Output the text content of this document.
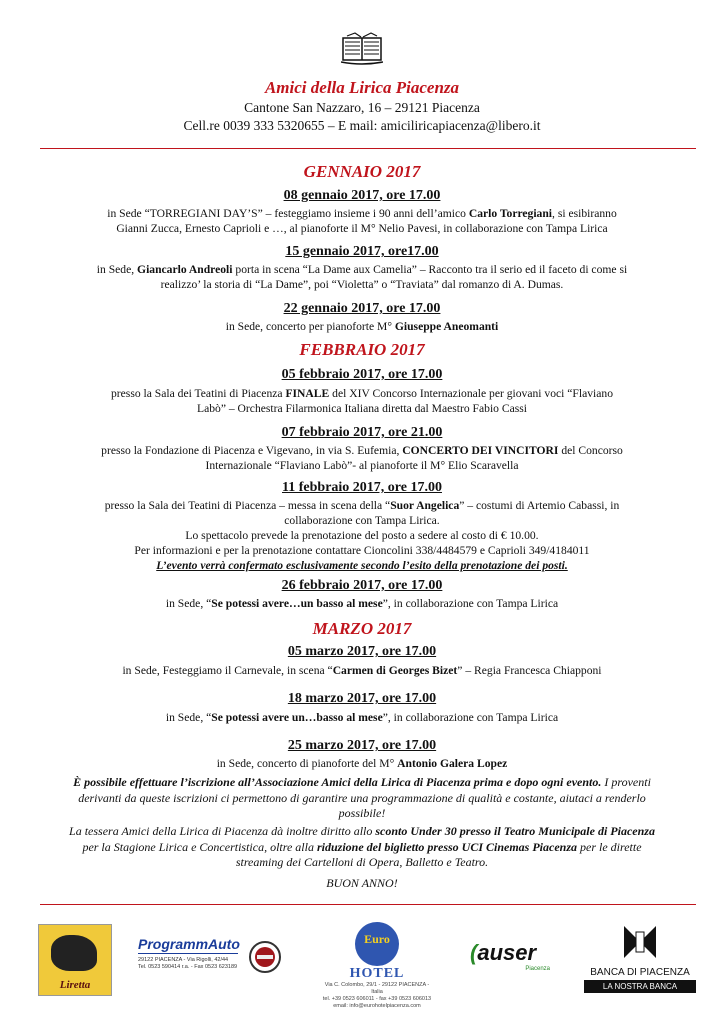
Amici della Lirica Piacenza
Cantone San Nazzaro, 16 – 29121 Piacenza
Cell.re 0039 333 5320655 – E mail: amiciliricapiacenza@libero.it
GENNAIO 2017
08 gennaio 2017, ore 17.00
in Sede “TORREGIANI DAY’S” – festeggiamo insieme i 90 anni dell’amico Carlo Torregiani, si esibiranno
Gianni Zucca, Ernesto Caprioli e …, al pianoforte il M° Nelio Pavesi, in collaborazione con Tampa Lirica
15 gennaio 2017, ore17.00
in Sede, Giancarlo Andreoli porta in scena “La Dame aux Camelia” – Racconto tra il serio ed il faceto di come si
realizzo’ la storia di “La Dame”, poi “Violetta” o “Traviata” dal romanzo di A. Dumas.
22 gennaio 2017, ore 17.00
in Sede, concerto per pianoforte M° Giuseppe Aneomanti
FEBBRAIO 2017
05 febbraio 2017, ore 17.00
presso la Sala dei Teatini di Piacenza FINALE del XIV Concorso Internazionale per giovani voci “Flaviano
Labò” – Orchestra Filarmonica Italiana diretta dal Maestro Fabio Cassi
07 febbraio 2017, ore 21.00
presso la Fondazione di Piacenza e Vigevano, in via S. Eufemia, CONCERTO DEI VINCITORI del Concorso
Internazionale “Flaviano Labò”- al pianoforte il M° Elio Scaravella
11 febbraio 2017, ore 17.00
presso la Sala dei Teatini di Piacenza – messa in scena della “Suor Angelica” – costumi di Artemio Cabassi, in
collaborazione con Tampa Lirica.
Lo spettacolo prevede la prenotazione del posto a sedere al costo di € 10.00.
Per informazioni e per la prenotazione contattare Cioncolini 338/4484579 e Caprioli 349/4184011
L’evento verrà confermato esclusivamente secondo l’esito della prenotazione dei posti.
26 febbraio 2017, ore 17.00
in Sede, “Se potessi avere…un basso al mese”, in collaborazione con Tampa Lirica
MARZO 2017
05 marzo 2017, ore 17.00
in Sede, Festeggiamo il Carnevale, in scena “Carmen di Georges Bizet” – Regia Francesca Chiapponi
18 marzo 2017, ore 17.00
in Sede, “Se potessi avere un…basso al mese”, in collaborazione con Tampa Lirica
25 marzo 2017, ore 17.00
in Sede, concerto di pianoforte del M° Antonio Galera Lopez
È possibile effettuare l’iscrizione all’Associazione Amici della Lirica di Piacenza prima e dopo ogni evento. I proventi derivanti da queste iscrizioni ci permettono di garantire una programmazione di qualità e costante, aiutaci a renderlo possibile!
La tessera Amici della Lirica di Piacenza dà inoltre diritto allo sconto Under 30 presso il Teatro Municipale di Piacenza per la Stagione Lirica e Concertistica, oltre alla riduzione del biglietto presso UCI Cinemas Piacenza per le dirette streaming dei Cartelloni di Opera, Balletto e Teatro.
BUON ANNO!
Liretta
ProgrammAuto
29122 PIACENZA - Via Rigolli, 42/44
Tel. 0523 590414 r.a. - Fax 0523 623189
Euro
HOTEL
Via C. Colombo, 29/1 - 29122 PIACENZA - Italia
tel. +39 0523 606011 - fax +39 0523 606013
email: info@eurohotelpiacenza.com
(auser
Piacenza	BANCA DI PIACENZA
LA NOSTRA BANCA
